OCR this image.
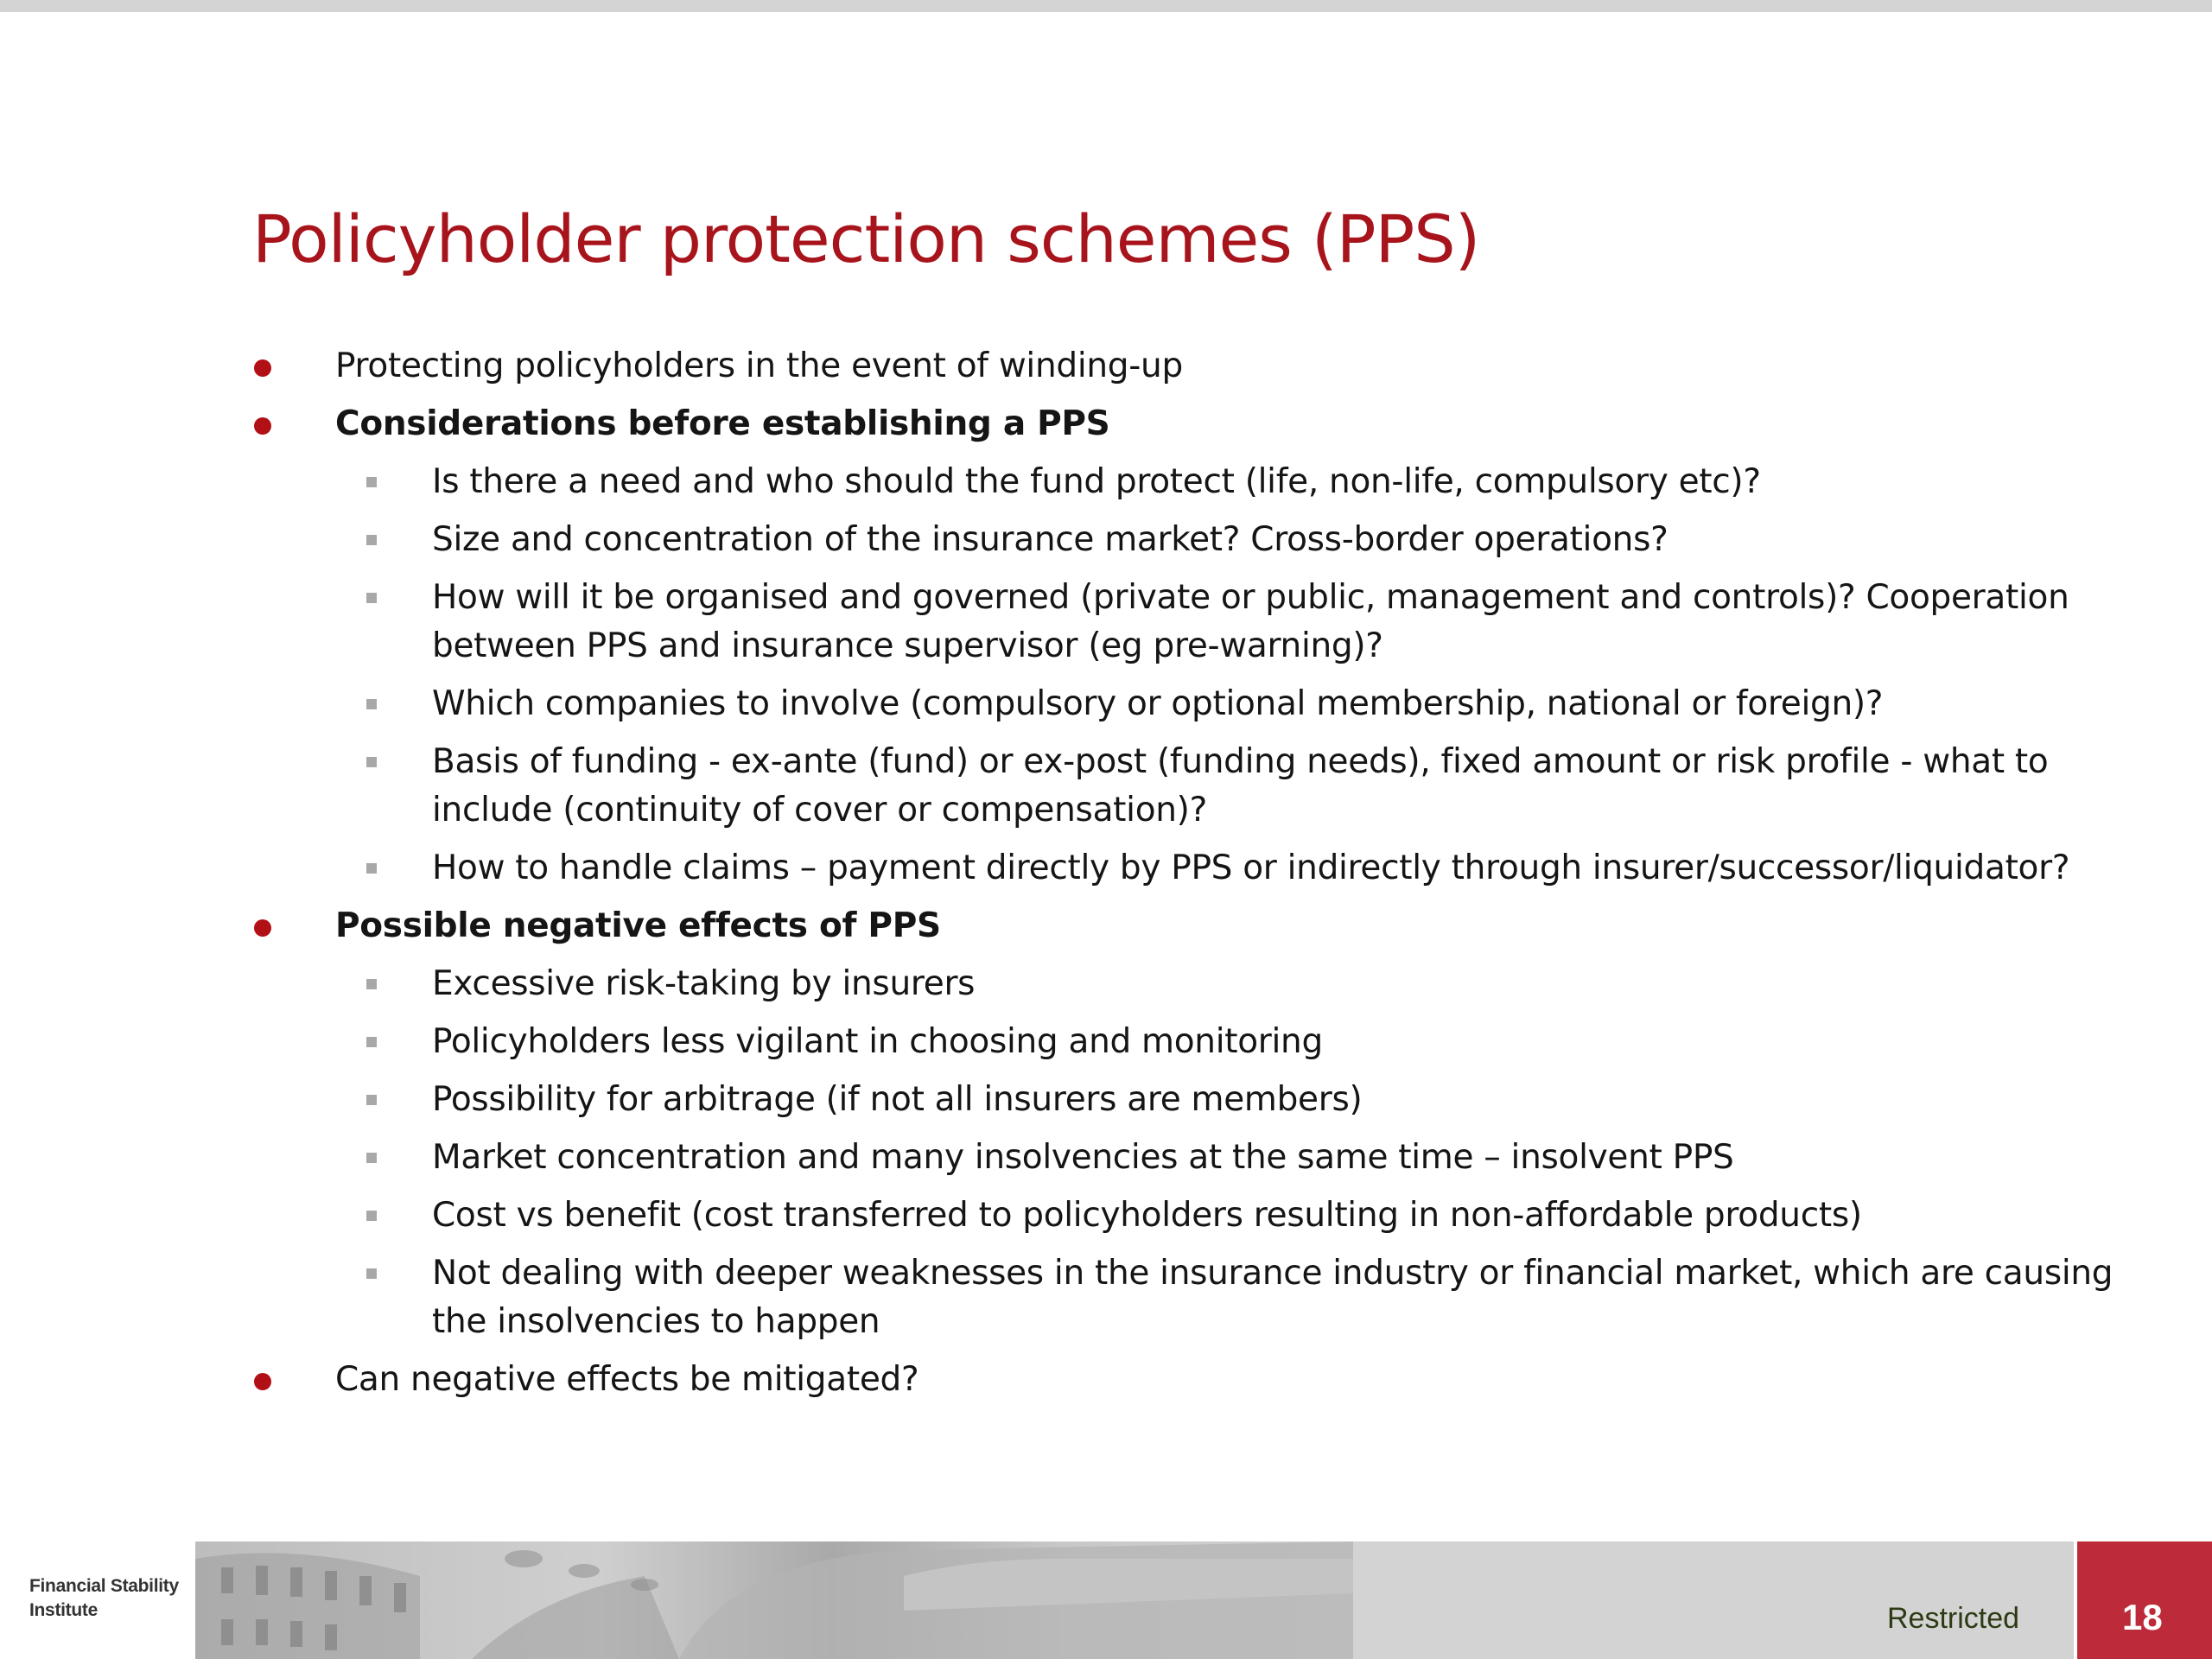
Policyholder protection schemes (PPS)
Protecting policyholders in the event of winding-up
Considerations before establishing a PPS
Is there a need and who should the fund protect (life, non-life, compulsory etc)?
Size and concentration of the insurance market? Cross-border operations?
How will it be organised and governed (private or public, management and controls)? Cooperation
between PPS and insurance supervisor (eg pre-warning)?
Which companies to involve (compulsory or optional membership, national or foreign)?
Basis of funding - ex-ante (fund) or ex-post (funding needs), fixed amount or risk profile - what to
include (continuity of cover or compensation)?
How to handle claims – payment directly by PPS or indirectly through insurer/successor/liquidator?
Possible negative effects of PPS
Excessive risk-taking by insurers
Policyholders less vigilant in choosing and monitoring
Possibility for arbitrage (if not all insurers are members)
Market concentration and many insolvencies at the same time – insolvent PPS
Cost vs benefit (cost transferred to policyholders resulting in non-affordable products)
Not dealing with deeper weaknesses in the insurance industry or financial market, which are causing
the insolvencies to happen
Can negative effects be mitigated?
Financial Stability
Institute	Restricted	18
